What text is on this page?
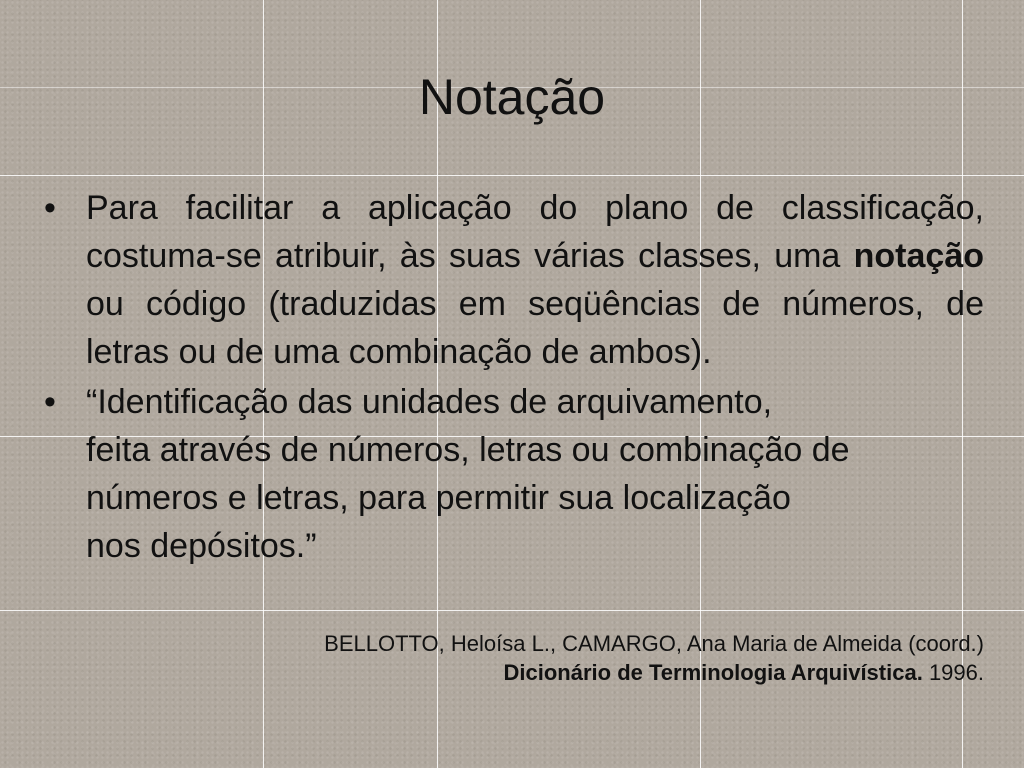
Notação
• Para facilitar a aplicação do plano de classificação, costuma-se atribuir, às suas várias classes, uma notação ou código (traduzidas em seqüências de números, de letras ou de uma combinação de ambos).
• “Identificação das unidades de arquivamento,
feita através de números, letras ou combinação de
números e letras, para permitir sua localização
nos depósitos.”
BELLOTTO, Heloísa L., CAMARGO, Ana Maria de Almeida (coord.)
Dicionário de Terminologia Arquivística. 1996.
